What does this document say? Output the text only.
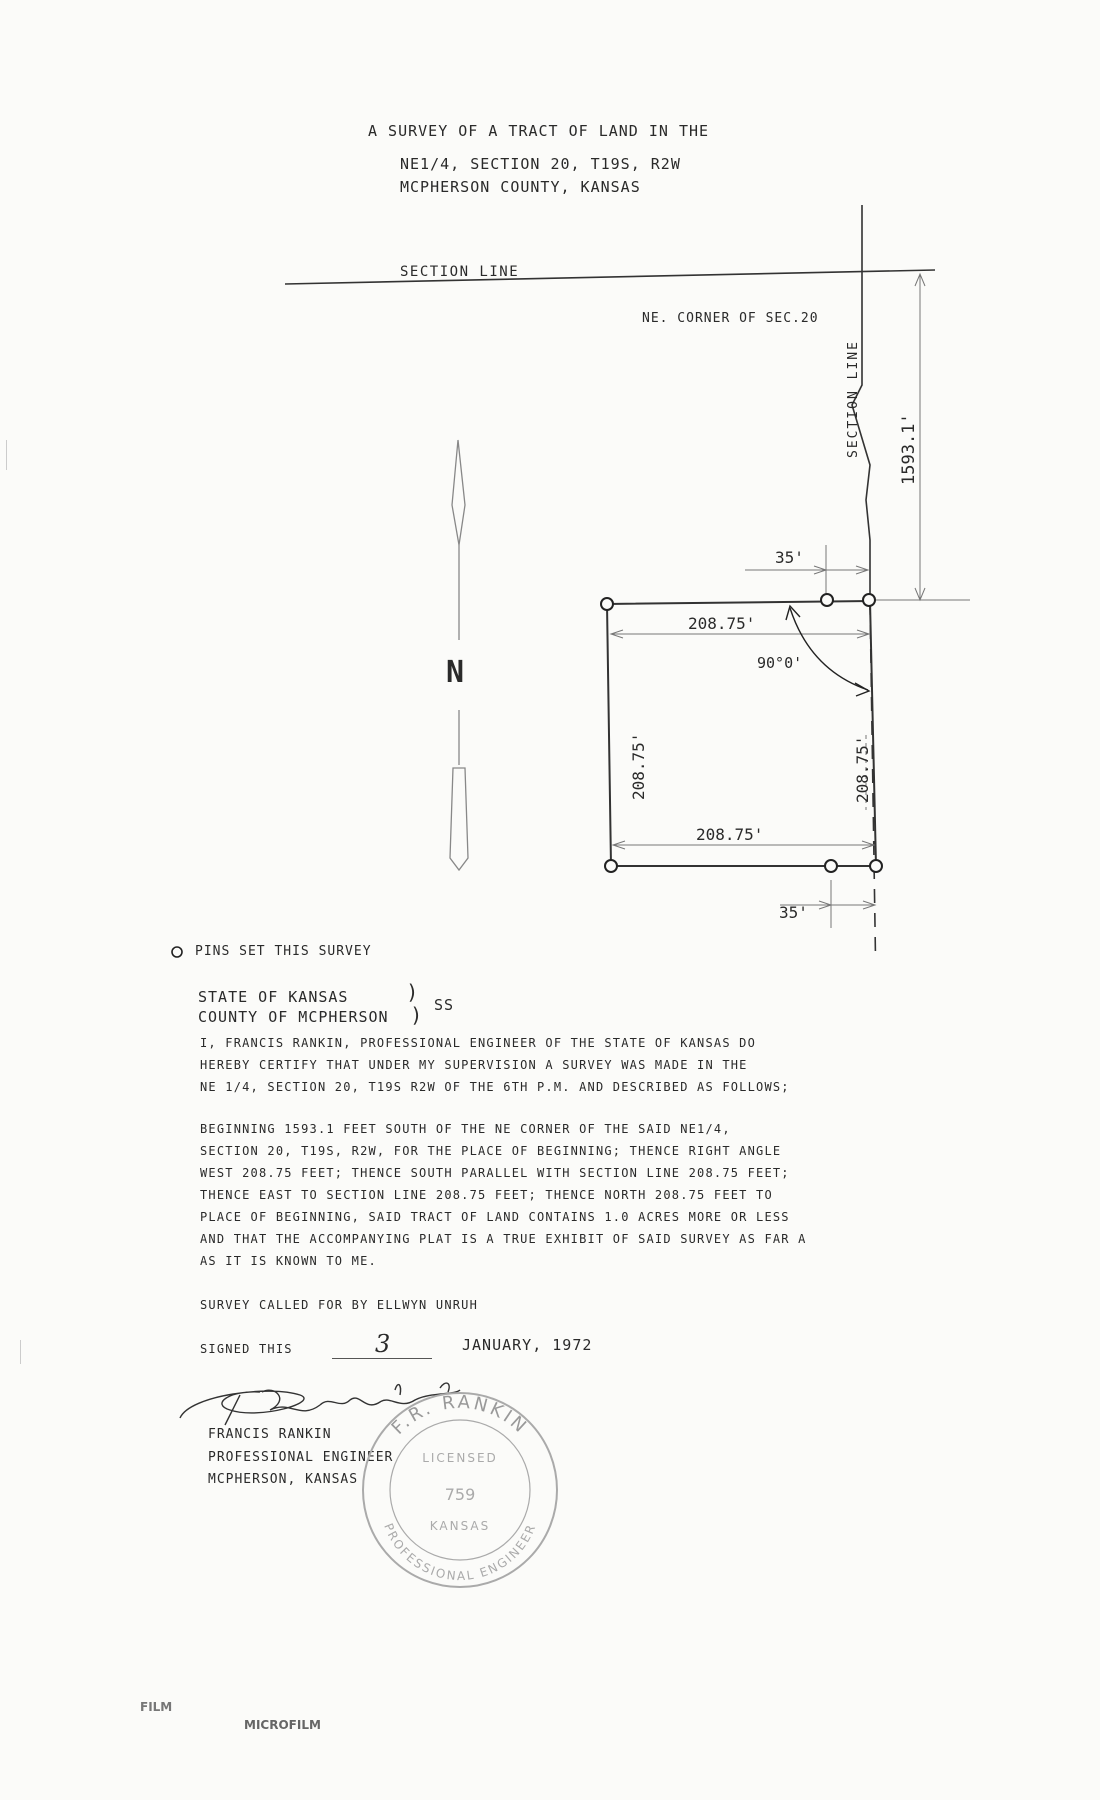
A SURVEY OF A TRACT OF LAND IN THE
NE1/4, SECTION 20, T19S, R2W
MCPHERSON COUNTY, KANSAS
SECTION LINE
NE. CORNER OF SEC.20
SECTION LINE 1593.1'
35'
208.75'
90°0'
208.75'	208.75'
208.75'
35'
N
PINS SET THIS SURVEY
STATE OF KANSAS
COUNTY OF MCPHERSON
)
) SS
I, FRANCIS RANKIN, PROFESSIONAL ENGINEER OF THE STATE OF KANSAS DO
HEREBY CERTIFY THAT UNDER MY SUPERVISION A SURVEY WAS MADE IN THE
NE 1/4, SECTION 20, T19S R2W OF THE 6TH P.M. AND DESCRIBED AS FOLLOWS;
BEGINNING 1593.1 FEET SOUTH OF THE NE CORNER OF THE SAID NE1/4,
SECTION 20, T19S, R2W, FOR THE PLACE OF BEGINNING; THENCE RIGHT ANGLE
WEST 208.75 FEET; THENCE SOUTH PARALLEL WITH SECTION LINE 208.75 FEET;
THENCE EAST TO SECTION LINE 208.75 FEET; THENCE NORTH 208.75 FEET TO
PLACE OF BEGINNING, SAID TRACT OF LAND CONTAINS 1.0 ACRES MORE OR LESS
AND THAT THE ACCOMPANYING PLAT IS A TRUE EXHIBIT OF SAID SURVEY AS FAR A
AS IT IS KNOWN TO ME.
SURVEY CALLED FOR BY ELLWYN UNRUH
SIGNED THIS	3	JANUARY, 1972
FRANCIS RANKIN
PROFESSIONAL ENGINEER
MCPHERSON, KANSAS
F.R. RANKIN
PROFESSIONAL ENGINEER
LICENSED
759
KANSAS
FILM
MICROFILM
